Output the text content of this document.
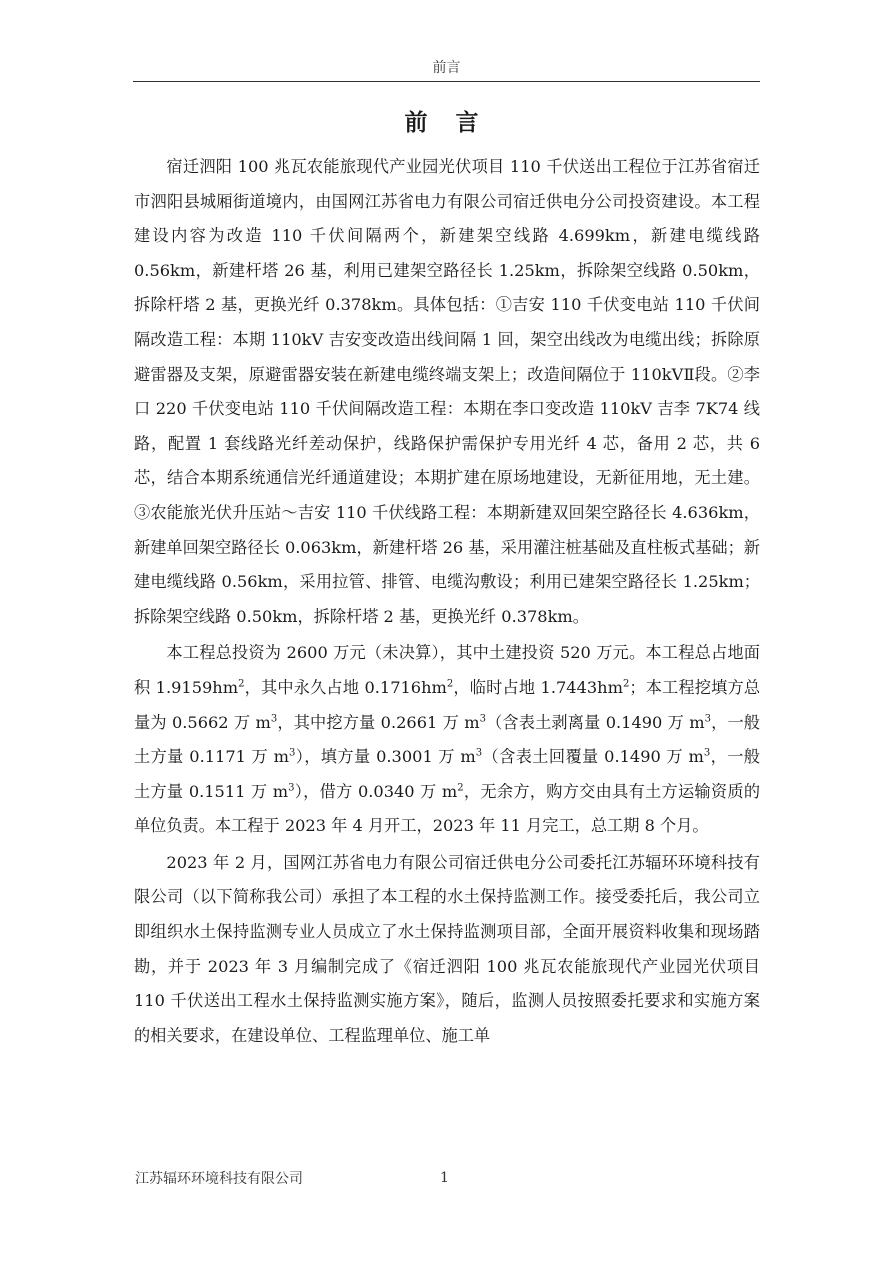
前言
前 言

宿迁泗阳 100 兆瓦农能旅现代产业园光伏项目 110 千伏送出工程位于江苏省宿迁市泗阳县城厢街道境内，由国网江苏省电力有限公司宿迁供电分公司投资建设。本工程建设内容为改造 110 千伏间隔两个，新建架空线路 4.699km，新建电缆线路 0.56km，新建杆塔 26 基，利用已建架空路径长 1.25km，拆除架空线路 0.50km，拆除杆塔 2 基，更换光纤 0.378km。具体包括：①吉安 110 千伏变电站 110 千伏间隔改造工程：本期 110kV 吉安变改造出线间隔 1 回，架空出线改为电缆出线；拆除原避雷器及支架，原避雷器安装在新建电缆终端支架上；改造间隔位于 110kVⅡ段。②李口 220 千伏变电站 110 千伏间隔改造工程：本期在李口变改造 110kV 吉李 7K74 线路，配置 1 套线路光纤差动保护，线路保护需保护专用光纤 4 芯，备用 2 芯，共 6 芯，结合本期系统通信光纤通道建设；本期扩建在原场地建设，无新征用地，无土建。③农能旅光伏升压站～吉安 110 千伏线路工程：本期新建双回架空路径长 4.636km，新建单回架空路径长 0.063km，新建杆塔 26 基，采用灌注桩基础及直柱板式基础；新建电缆线路 0.56km，采用拉管、排管、电缆沟敷设；利用已建架空路径长 1.25km；拆除架空线路 0.50km，拆除杆塔 2 基，更换光纤 0.378km。

本工程总投资为 2600 万元（未决算），其中土建投资 520 万元。本工程总占地面积 $1.9159hm^2$，其中永久占地 $0.1716hm^2$，临时占地 $1.7443hm^2$；本工程挖填方总量为 0.5662 万 $m^3$，其中挖方量 0.2661 万 $m^3$（含表土剥离量 0.1490 万 $m^3$，一般土方量 0.1171 万 $m^3$），填方量 0.3001 万 $m^3$（含表土回覆量 0.1490 万 $m^3$，一般土方量 0.1511 万 $m^3$），借方 0.0340 万 $m^2$，无余方，购方交由具有土方运输资质的单位负责。本工程于 2023 年 4 月开工，2023 年 11 月完工，总工期 8 个月。

2023 年 2 月，国网江苏省电力有限公司宿迁供电分公司委托江苏辐环环境科技有限公司（以下简称我公司）承担了本工程的水土保持监测工作。接受委托后，我公司立即组织水土保持监测专业人员成立了水土保持监测项目部，全面开展资料收集和现场踏勘，并于 2023 年 3 月编制完成了《宿迁泗阳 100 兆瓦农能旅现代产业园光伏项目 110 千伏送出工程水土保持监测实施方案》，随后，监测人员按照委托要求和实施方案的相关要求，在建设单位、工程监理单位、施工单

江苏辐环环境科技有限公司	1
